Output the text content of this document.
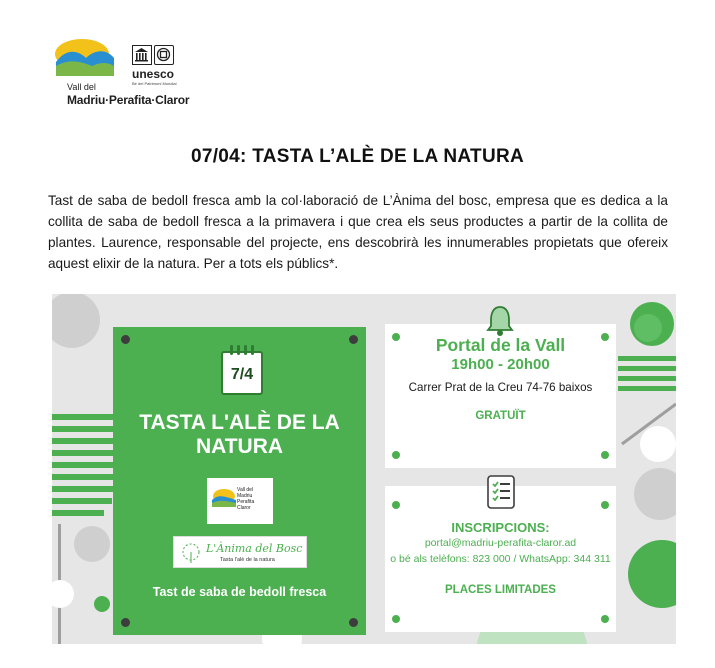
Vall del
Madriu·Perafita·Claror
unesco
Bé del Patrimoni Mundial
07/04: TASTA L’ALÈ DE LA NATURA

Tast de saba de bedoll fresca amb la col·laboració de L’Ànima del bosc, empresa que es dedica a la collita de saba de bedoll fresca a la primavera i que crea els seus productes a partir de la collita de plantes. Laurence, responsable del projecte, ens descobrirà les innumerables propietats que ofereix aquest elixir de la natura. Per a tots els públics*.

7/4
TASTA L'ALÈ DE LA NATURA
Vall del Madriu Perafita Claror
L'Ànima del Bosc
Tasta l'alè de la natura
Tast de saba de bedoll fresca
Portal de la Vall
19h00 - 20h00
Carrer Prat de la Creu 74-76 baixos
GRATUÏT
INSCRIPCIONS:
portal@madriu-perafita-claror.ad
o bé als telèfons: 823 000 / WhatsApp: 344 311
PLACES LIMITADES
